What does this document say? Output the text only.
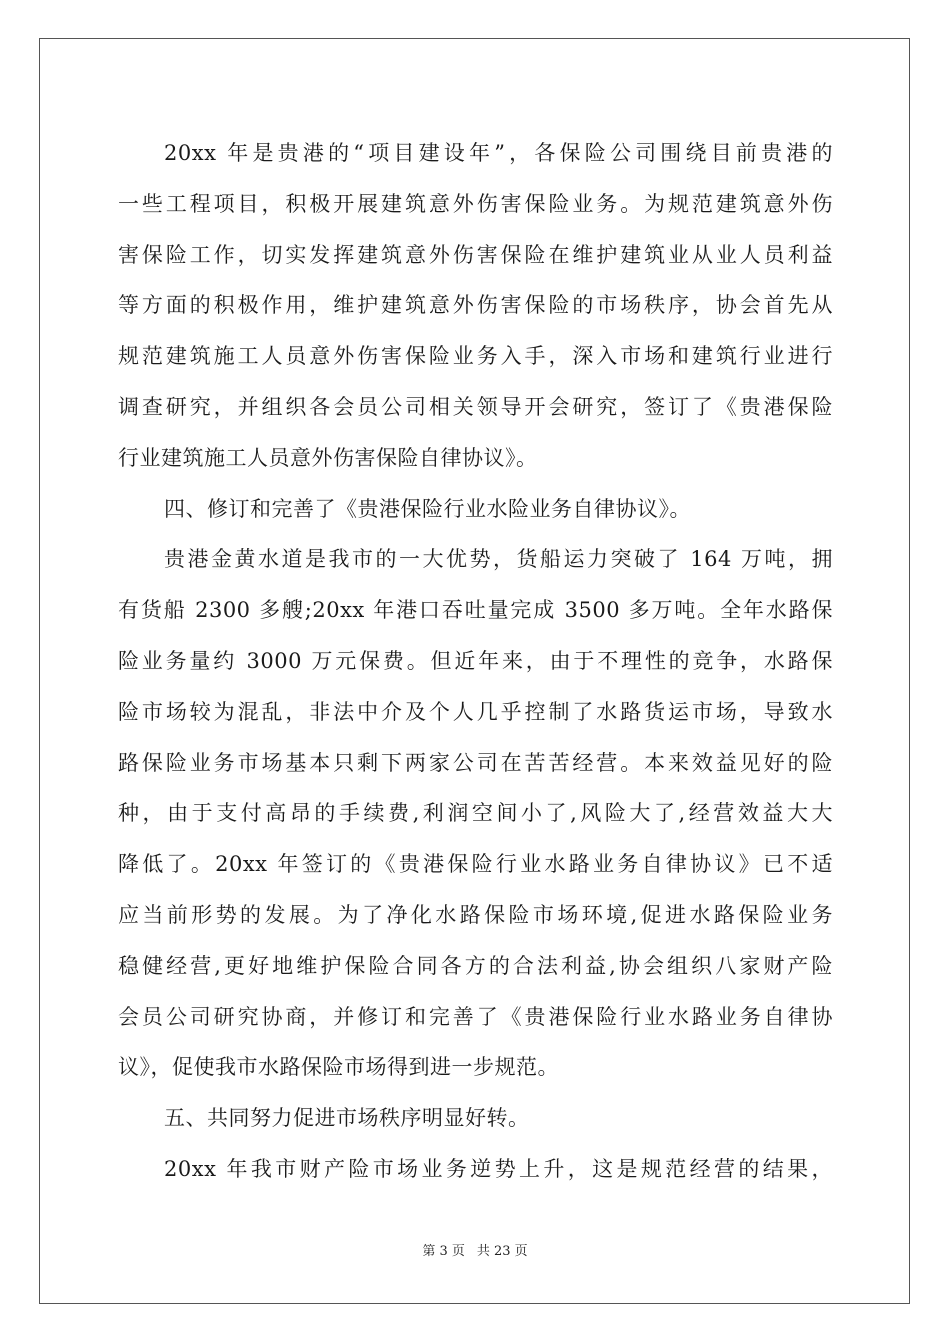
20xx 年是贵港的“项目建设年”，各保险公司围绕目前贵港的
一些工程项目，积极开展建筑意外伤害保险业务。为规范建筑意外伤
害保险工作，切实发挥建筑意外伤害保险在维护建筑业从业人员利益
等方面的积极作用，维护建筑意外伤害保险的市场秩序，协会首先从
规范建筑施工人员意外伤害保险业务入手，深入市场和建筑行业进行
调查研究，并组织各会员公司相关领导开会研究，签订了《贵港保险
行业建筑施工人员意外伤害保险自律协议》。
四、修订和完善了《贵港保险行业水险业务自律协议》。
贵港金黄水道是我市的一大优势，货船运力突破了 164 万吨，拥
有货船 2300 多艘;20xx 年港口吞吐量完成 3500 多万吨。全年水路保
险业务量约 3000 万元保费。但近年来，由于不理性的竞争，水路保
险市场较为混乱，非法中介及个人几乎控制了水路货运市场，导致水
路保险业务市场基本只剩下两家公司在苦苦经营。本来效益见好的险
种，由于支付高昂的手续费,利润空间小了,风险大了,经营效益大大
降低了。20xx 年签订的《贵港保险行业水路业务自律协议》已不适
应当前形势的发展。为了净化水路保险市场环境,促进水路保险业务
稳健经营,更好地维护保险合同各方的合法利益,协会组织八家财产险
会员公司研究协商，并修订和完善了《贵港保险行业水路业务自律协
议》，促使我市水路保险市场得到进一步规范。
五、共同努力促进市场秩序明显好转。
20xx 年我市财产险市场业务逆势上升，这是规范经营的结果，
第 3 页 共 23 页
